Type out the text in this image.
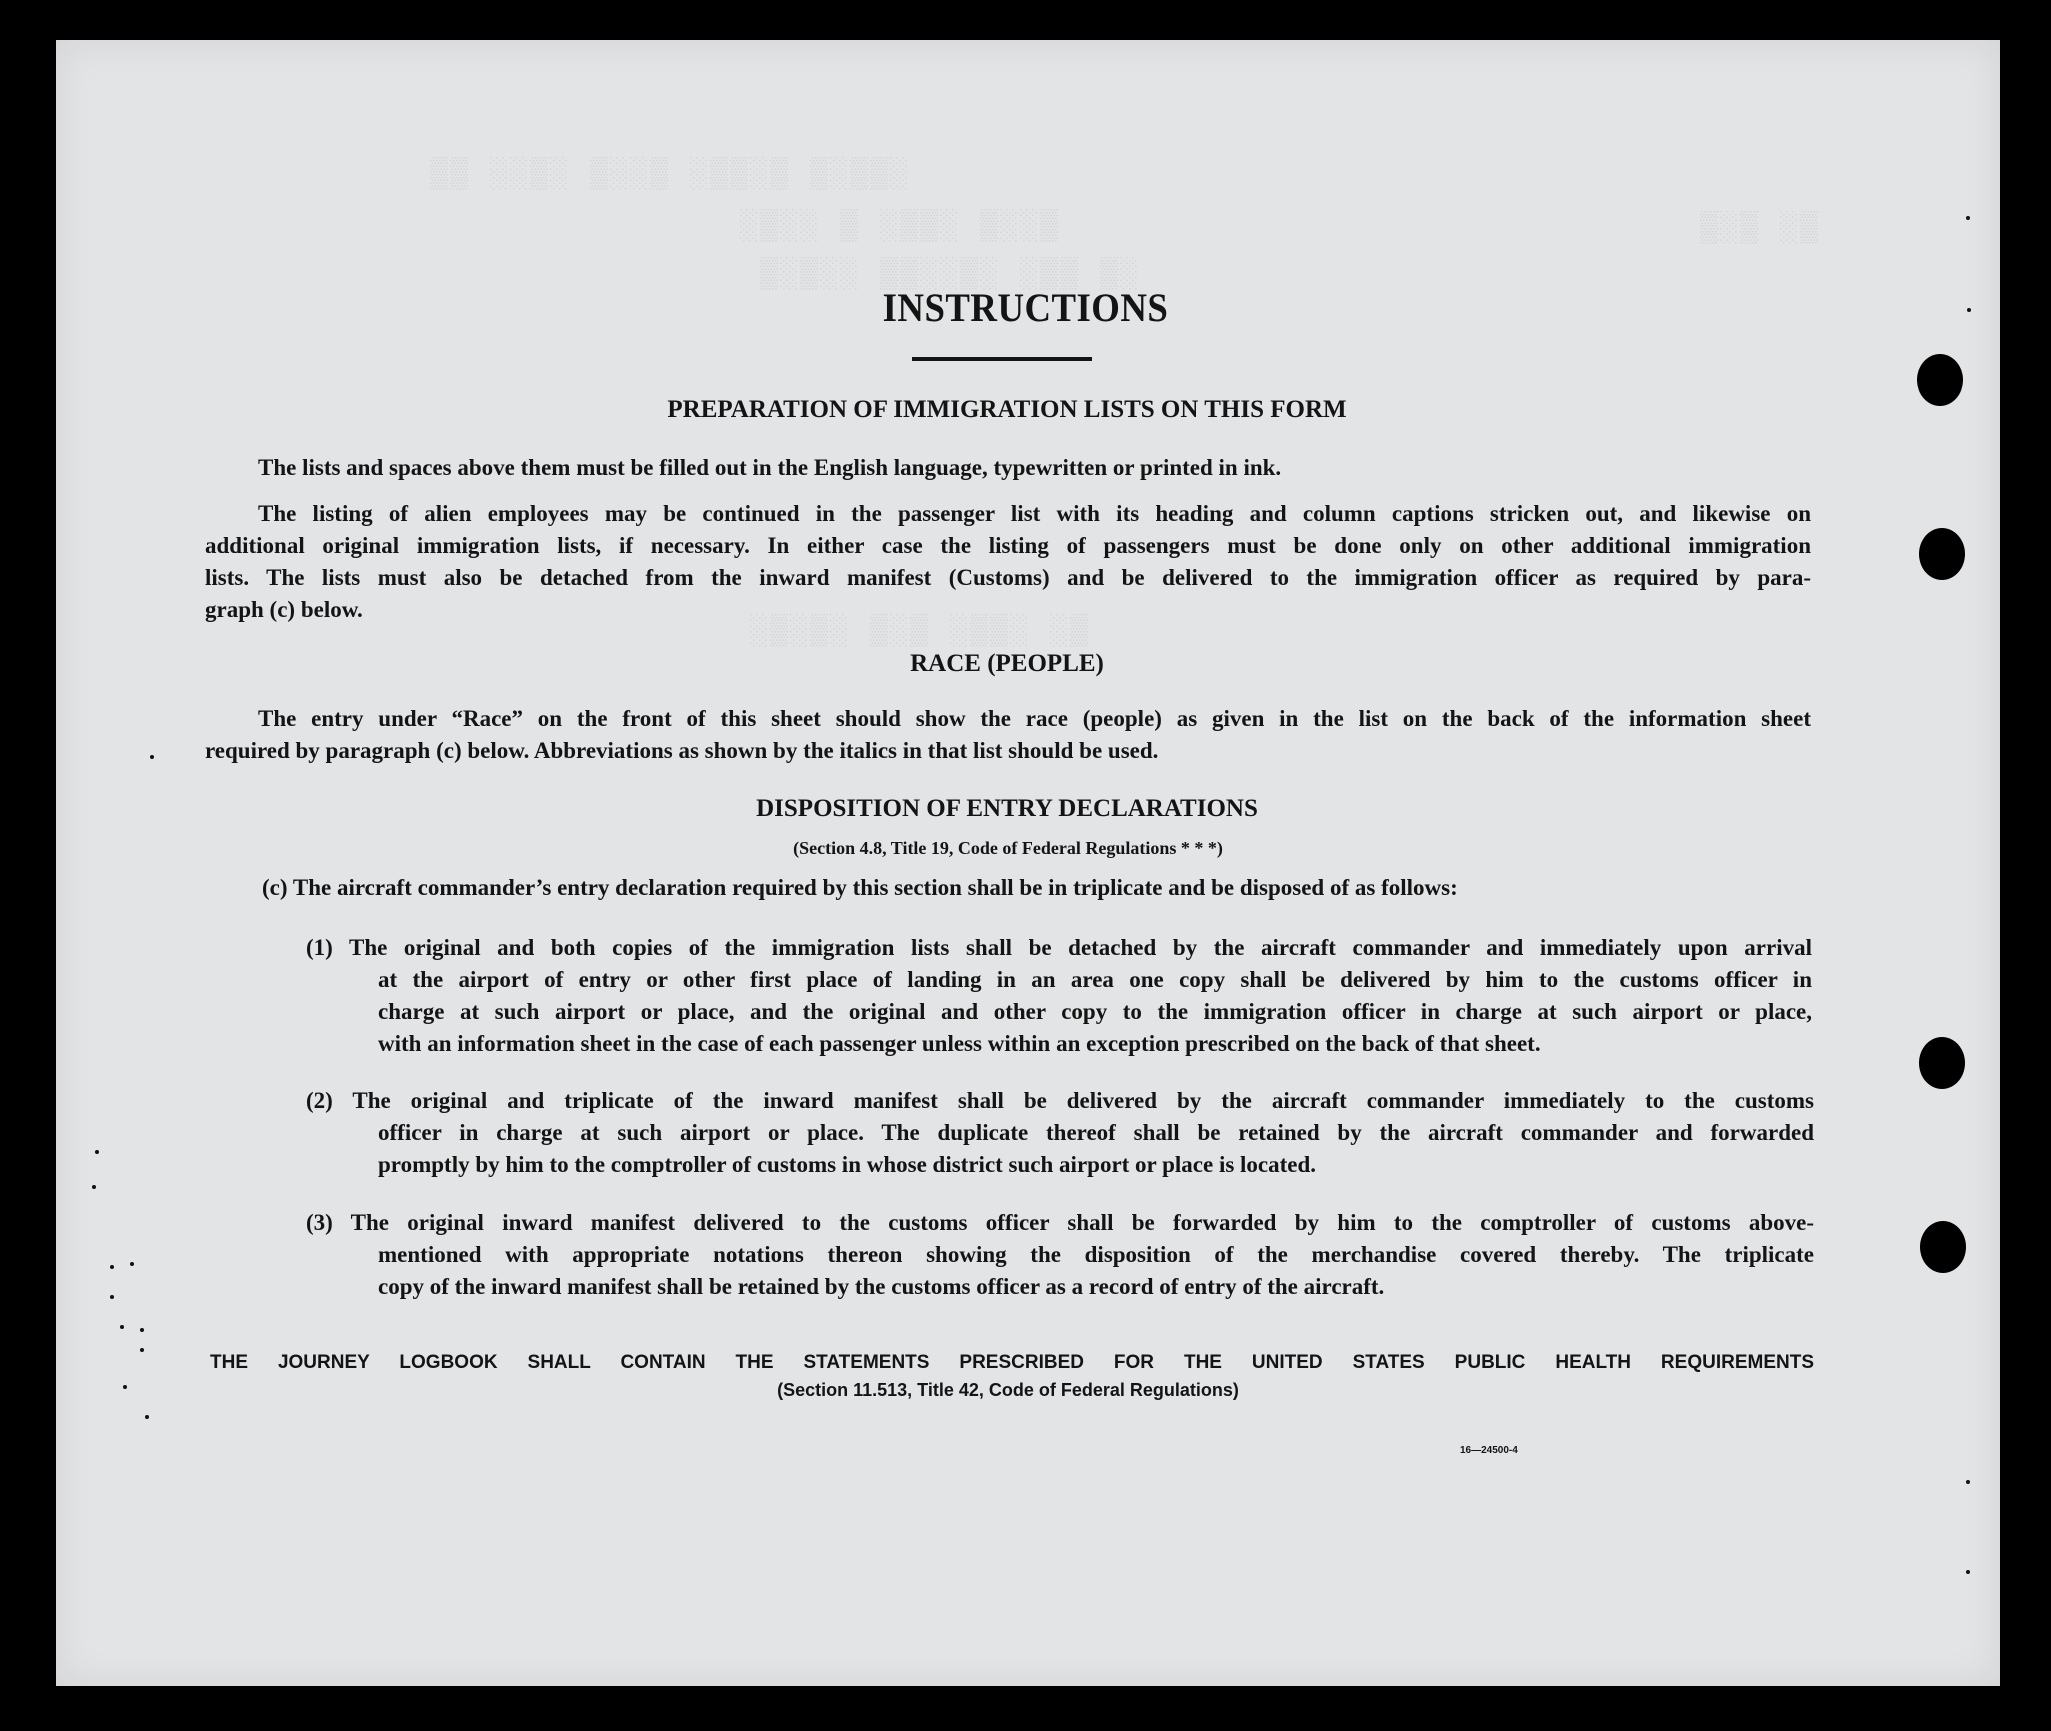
​▒▒ ░░▒░ ▒░░▒ ░▒▒░▒ ▒░▒▒░
​░▒░░ ▒ ░▒▒░ ▒░░▒
​▒░▒░░ ▒▒░░▒░ ░▒▒ ▒░
​▒░▒ ░▒
​░▒░▒░ ▒░▒ ░▒▒░ ░▒
INSTRUCTIONS
PREPARATION OF IMMIGRATION LISTS ON THIS FORM
The lists and spaces above them must be filled out in the English language, typewritten or printed in ink.
The listing of alien employees may be continued in the passenger list with its heading and column captions stricken out, and likewise on
additional original immigration lists, if necessary. In either case the listing of passengers must be done only on other additional immigration
lists. The lists must also be detached from the inward manifest (Customs) and be delivered to the immigration officer as required by para-
graph (c) below.
RACE (PEOPLE)
The entry under “Race” on the front of this sheet should show the race (people) as given in the list on the back of the information sheet
required by paragraph (c) below. Abbreviations as shown by the italics in that list should be used.
DISPOSITION OF ENTRY DECLARATIONS
(Section 4.8, Title 19, Code of Federal Regulations * * *)
(c) The aircraft commander’s entry declaration required by this section shall be in triplicate and be disposed of as follows:
(1) The original and both copies of the immigration lists shall be detached by the aircraft commander and immediately upon arrival
at the airport of entry or other first place of landing in an area one copy shall be delivered by him to the customs officer in
charge at such airport or place, and the original and other copy to the immigration officer in charge at such airport or place,
with an information sheet in the case of each passenger unless within an exception prescribed on the back of that sheet.
(2) The original and triplicate of the inward manifest shall be delivered by the aircraft commander immediately to the customs
officer in charge at such airport or place. The duplicate thereof shall be retained by the aircraft commander and forwarded
promptly by him to the comptroller of customs in whose district such airport or place is located.
(3) The original inward manifest delivered to the customs officer shall be forwarded by him to the comptroller of customs above-
mentioned with appropriate notations thereon showing the disposition of the merchandise covered thereby. The triplicate
copy of the inward manifest shall be retained by the customs officer as a record of entry of the aircraft.
THE JOURNEY LOGBOOK SHALL CONTAIN THE STATEMENTS PRESCRIBED FOR THE UNITED STATES PUBLIC HEALTH REQUIREMENTS
(Section 11.513, Title 42, Code of Federal Regulations)
16—24500-4
